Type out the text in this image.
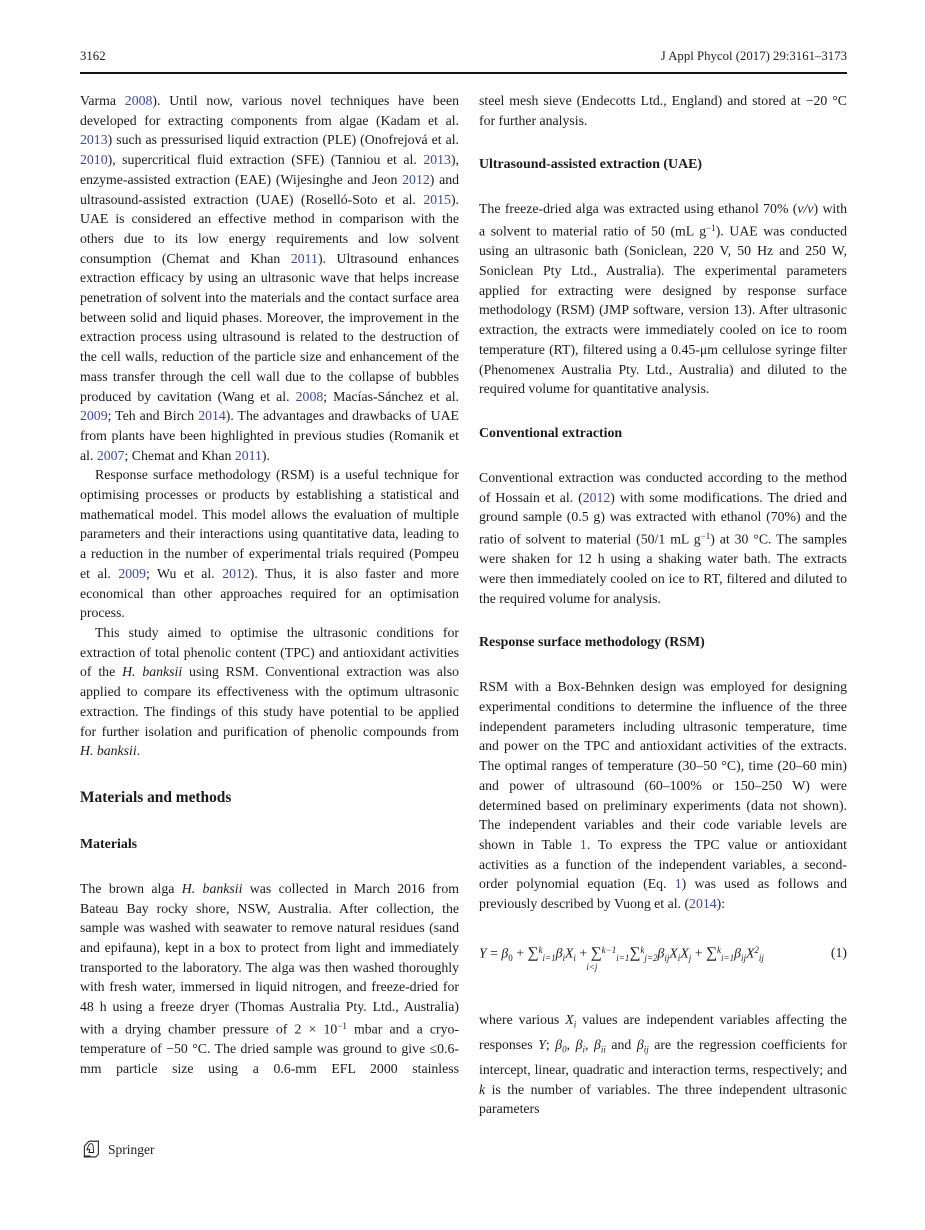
3162	J Appl Phycol (2017) 29:3161–3173

Varma 2008). Until now, various novel techniques have been developed for extracting components from algae (Kadam et al. 2013) such as pressurised liquid extraction (PLE) (Onofrejová et al. 2010), supercritical fluid extraction (SFE) (Tanniou et al. 2013), enzyme-assisted extraction (EAE) (Wijesinghe and Jeon 2012) and ultrasound-assisted extraction (UAE) (Roselló-Soto et al. 2015). UAE is considered an effective method in comparison with the others due to its low energy requirements and low solvent consumption (Chemat and Khan 2011). Ultrasound enhances extraction efficacy by using an ultrasonic wave that helps increase penetration of solvent into the materials and the contact surface area between solid and liquid phases. Moreover, the improvement in the extraction process using ultrasound is related to the destruction of the cell walls, reduction of the particle size and enhancement of the mass transfer through the cell wall due to the collapse of bubbles produced by cavitation (Wang et al. 2008; Macías-Sánchez et al. 2009; Teh and Birch 2014). The advantages and drawbacks of UAE from plants have been highlighted in previous studies (Romanik et al. 2007; Chemat and Khan 2011).

Response surface methodology (RSM) is a useful technique for optimising processes or products by establishing a statistical and mathematical model. This model allows the evaluation of multiple parameters and their interactions using quantitative data, leading to a reduction in the number of experimental trials required (Pompeu et al. 2009; Wu et al. 2012). Thus, it is also faster and more economical than other approaches required for an optimisation process.

This study aimed to optimise the ultrasonic conditions for extraction of total phenolic content (TPC) and antioxidant activities of the H. banksii using RSM. Conventional extraction was also applied to compare its effectiveness with the optimum ultrasonic extraction. The findings of this study have potential to be applied for further isolation and purification of phenolic compounds from H. banksii.

Materials and methods
Materials

The brown alga H. banksii was collected in March 2016 from Bateau Bay rocky shore, NSW, Australia. After collection, the sample was washed with seawater to remove natural residues (sand and epifauna), kept in a box to protect from light and immediately transported to the laboratory. The alga was then washed thoroughly with fresh water, immersed in liquid nitrogen, and freeze-dried for 48 h using a freeze dryer (Thomas Australia Pty. Ltd., Australia) with a drying chamber pressure of $2 \times 10^{-1}$ mbar and a cryo-temperature of −50 °C. The dried sample was ground to give ≤0.6-mm particle size using a 0.6-mm EFL 2000 stainless

steel mesh sieve (Endecotts Ltd., England) and stored at −20 °C for further analysis.

Ultrasound-assisted extraction (UAE)

The freeze-dried alga was extracted using ethanol 70% (v/v) with a solvent to material ratio of 50 (mL $g^{-1}$). UAE was conducted using an ultrasonic bath (Soniclean, 220 V, 50 Hz and 250 W, Soniclean Pty Ltd., Australia). The experimental parameters applied for extracting were designed by response surface methodology (RSM) (JMP software, version 13). After ultrasonic extraction, the extracts were immediately cooled on ice to room temperature (RT), filtered using a 0.45-μm cellulose syringe filter (Phenomenex Australia Pty. Ltd., Australia) and diluted to the required volume for quantitative analysis.

Conventional extraction

Conventional extraction was conducted according to the method of Hossain et al. (2012) with some modifications. The dried and ground sample (0.5 g) was extracted with ethanol (70%) and the ratio of solvent to material (50/1 mL $g^{-1}$) at 30 °C. The samples were shaken for 12 h using a shaking water bath. The extracts were then immediately cooled on ice to RT, filtered and diluted to the required volume for analysis.

Response surface methodology (RSM)

RSM with a Box-Behnken design was employed for designing experimental conditions to determine the influence of the three independent parameters including ultrasonic temperature, time and power on the TPC and antioxidant activities of the extracts. The optimal ranges of temperature (30–50 °C), time (20–60 min) and power of ultrasound (60–100% or 150–250 W) were determined based on preliminary experiments (data not shown). The independent variables and their code variable levels are shown in Table 1. To express the TPC value or antioxidant activities as a function of the independent variables, a second-order polynomial equation (Eq. 1) was used as follows and previously described by Vuong et al. (2014):

$Y = \beta_0 + \sum^k_{i=1}\beta_iX_i + \sum^{k-1}_{i=1}i<j\sum^k_{j=2}\beta_{ij}X_iX_j + \sum^k_{i=1}\beta_{ij}X^2_{ij}$	(1)

where various $X_i$ values are independent variables affecting the responses Y; $\beta_0$, $\beta_i$, $\beta_{ii}$ and $\beta_{ij}$ are the regression coefficients for intercept, linear, quadratic and interaction terms, respectively; and k is the number of variables. The three independent ultrasonic parameters

Springer
